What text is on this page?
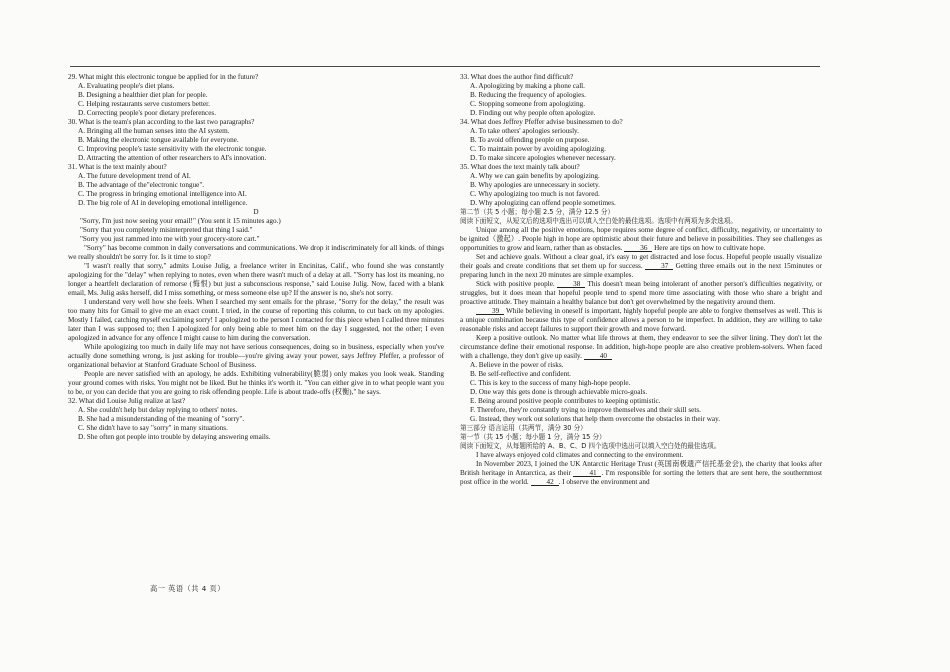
29. What might this electronic tongue be applied for in the future?
A. Evaluating people's diet plans.
B. Designing a healthier diet plan for people.
C. Helping restaurants serve customers better.
D. Correcting people's poor dietary preferences.
30. What is the team's plan according to the last two paragraphs?
A. Bringing all the human senses into the AI system.
B. Making the electronic tongue available for everyone.
C. Improving people's taste sensitivity with the electronic tongue.
D. Attracting the attention of other researchers to AI's innovation.
31. What is the text mainly about?
A. The future development trend of AI.
B. The advantage of the"electronic tongue".
C. The progress in bringing emotional intelligence into AI.
D. The big role of AI in developing emotional intelligence.
D
"Sorry, I'm just now seeing your email!" (You sent it 15 minutes ago.)
"Sorry that you completely misinterpreted that thing I said."
"Sorry you just rammed into me with your grocery-store cart."
"Sorry" has become common in daily conversations and communications. We drop it indiscriminately for all kinds. of things we really shouldn't be sorry for. Is it time to stop?
"I wasn't really that sorry," admits Louise Julig, a freelance writer in Encinitas, Calif., who found she was constantly apologizing for the "delay" when replying to notes, even when there wasn't much of a delay at all. "'Sorry has lost its meaning, no longer a heartfelt declaration of remorse (悔恨) but just a subconscious response," said Louise Julig. Now, faced with a blank email, Ms. Julig asks herself, did I miss something, or mess someone else up? If the answer is no, she's not sorry.
I understand very well how she feels. When I searched my sent emails for the phrase, "Sorry for the delay," the result was too many hits for Gmail to give me an exact count. I tried, in the course of reporting this column, to cut back on my apologies. Mostly I failed, catching myself exclaiming sorry! I apologized to the person I contacted for this piece when I called three minutes later than I was supposed to; then I apologized for only being able to meet him on the day I suggested, not the other; I even apologized in advance for any offence I might cause to him during the conversation.
While apologizing too much in daily life may not have serious consequences, doing so in business, especially when you've actually done something wrong, is just asking for trouble—you're giving away your power, says Jeffrey Pfeffer, a professor of organizational behavior at Stanford Graduate School of Business.
People are never satisfied with an apology, he adds. Exhibiting vulnerability(脆弱) only makes you look weak. Standing your ground comes with risks. You might not be liked. But he thinks it's worth it. "You can either give in to what people want you to be, or you can decide that you are going to risk offending people. Life is about trade-offs (权衡)," he says.
32. What did Louise Julig realize at last?
A. She couldn't help but delay replying to others' notes.
B. She had a misunderstanding of the meaning of "sorry".
C. She didn't have to say "sorry" in many situations.
D. She often got people into trouble by delaying answering emails.
33. What does the author find difficult?
A. Apologizing by making a phone call.
B. Reducing the frequency of apologies.
C. Stopping someone from apologizing.
D. Finding out why people often apologize.
34. What does Jeffrey Pfeffer advise businessmen to do?
A. To take others' apologies seriously.
B. To avoid offending people on purpose.
C. To maintain power by avoiding apologizing.
D. To make sincere apologies whenever necessary.
35. What does the text mainly talk about?
A. Why we can gain benefits by apologizing.
B. Why apologies are unnecessary in society.
C. Why apologizing too much is not favored.
D. Why apologizing can offend people sometimes.
第二节（共 5 小题；每小题 2.5 分，满分 12.5 分）
阅读下面短文，从短文后的选项中选出可以填入空白处的最佳选项。选项中有两项为多余选项。
Unique among all the positive emotions, hope requires some degree of conflict, difficulty, negativity, or uncertainty to be ignited（激起）. People high in hope are optimistic about their future and believe in possibilities. They see challenges as opportunities to grow and learn, rather than as obstacles. 36 Here are tips on how to cultivate hope.
Set and achieve goals. Without a clear goal, it's easy to get distracted and lose focus. Hopeful people usually visualize their goals and create conditions that set them up for success.	37 Getting three emails out in the next 15minutes or preparing lunch in the next 20 minutes are simple examples.
Stick with positive people.	38 This doesn't mean being intolerant of another person's difficulties negativity, or struggles, but it does mean that hopeful people tend to spend more time associating with those who share a bright and proactive attitude. They maintain a healthy balance but don't get overwhelmed by the negativity around them.
39 While believing in oneself is important, highly hopeful people are able to forgive themselves as well. This is a unique combination because this type of confidence allows a person to be imperfect. In addition, they are willing to take reasonable risks and accept failures to support their growth and move forward.
Keep a positive outlook. No matter what life throws at them, they endeavor to see the silver lining. They don't let the circumstance define their emotional response. In addition, high-hope people are also creative problem-solvers. When faced with a challenge, they don't give up easily. 40
A. Believe in the power of risks.
B. Be self-reflective and confident.
C. This is key to the success of many high-hope people.
D. One way this gets done is through achievable micro-goals.
E. Being around positive people contributes to keeping optimistic.
F. Therefore, they're constantly trying to improve themselves and their skill sets.
G. Instead, they work out solutions that help them overcome the obstacles in their way.
第三部分 语言运用（共两节，满分 30 分）
第一节（共 15 小题；每小题 1 分，满分 15 分）
阅读下面短文，从每题所给的 A、B、C、D 四个选项中选出可以填入空白处的最佳选项。
I have always enjoyed cold climates and connecting to the environment.
In November 2023, I joined the UK Antarctic Heritage Trust (英国南极遗产信托基金会), the charity that looks after British heritage in Antarctica, as their	41 . I'm responsible for sorting the letters that are sent here, the southernmost post office in the world. 42 . I observe the environment and
高一 英语（共 4 页）
